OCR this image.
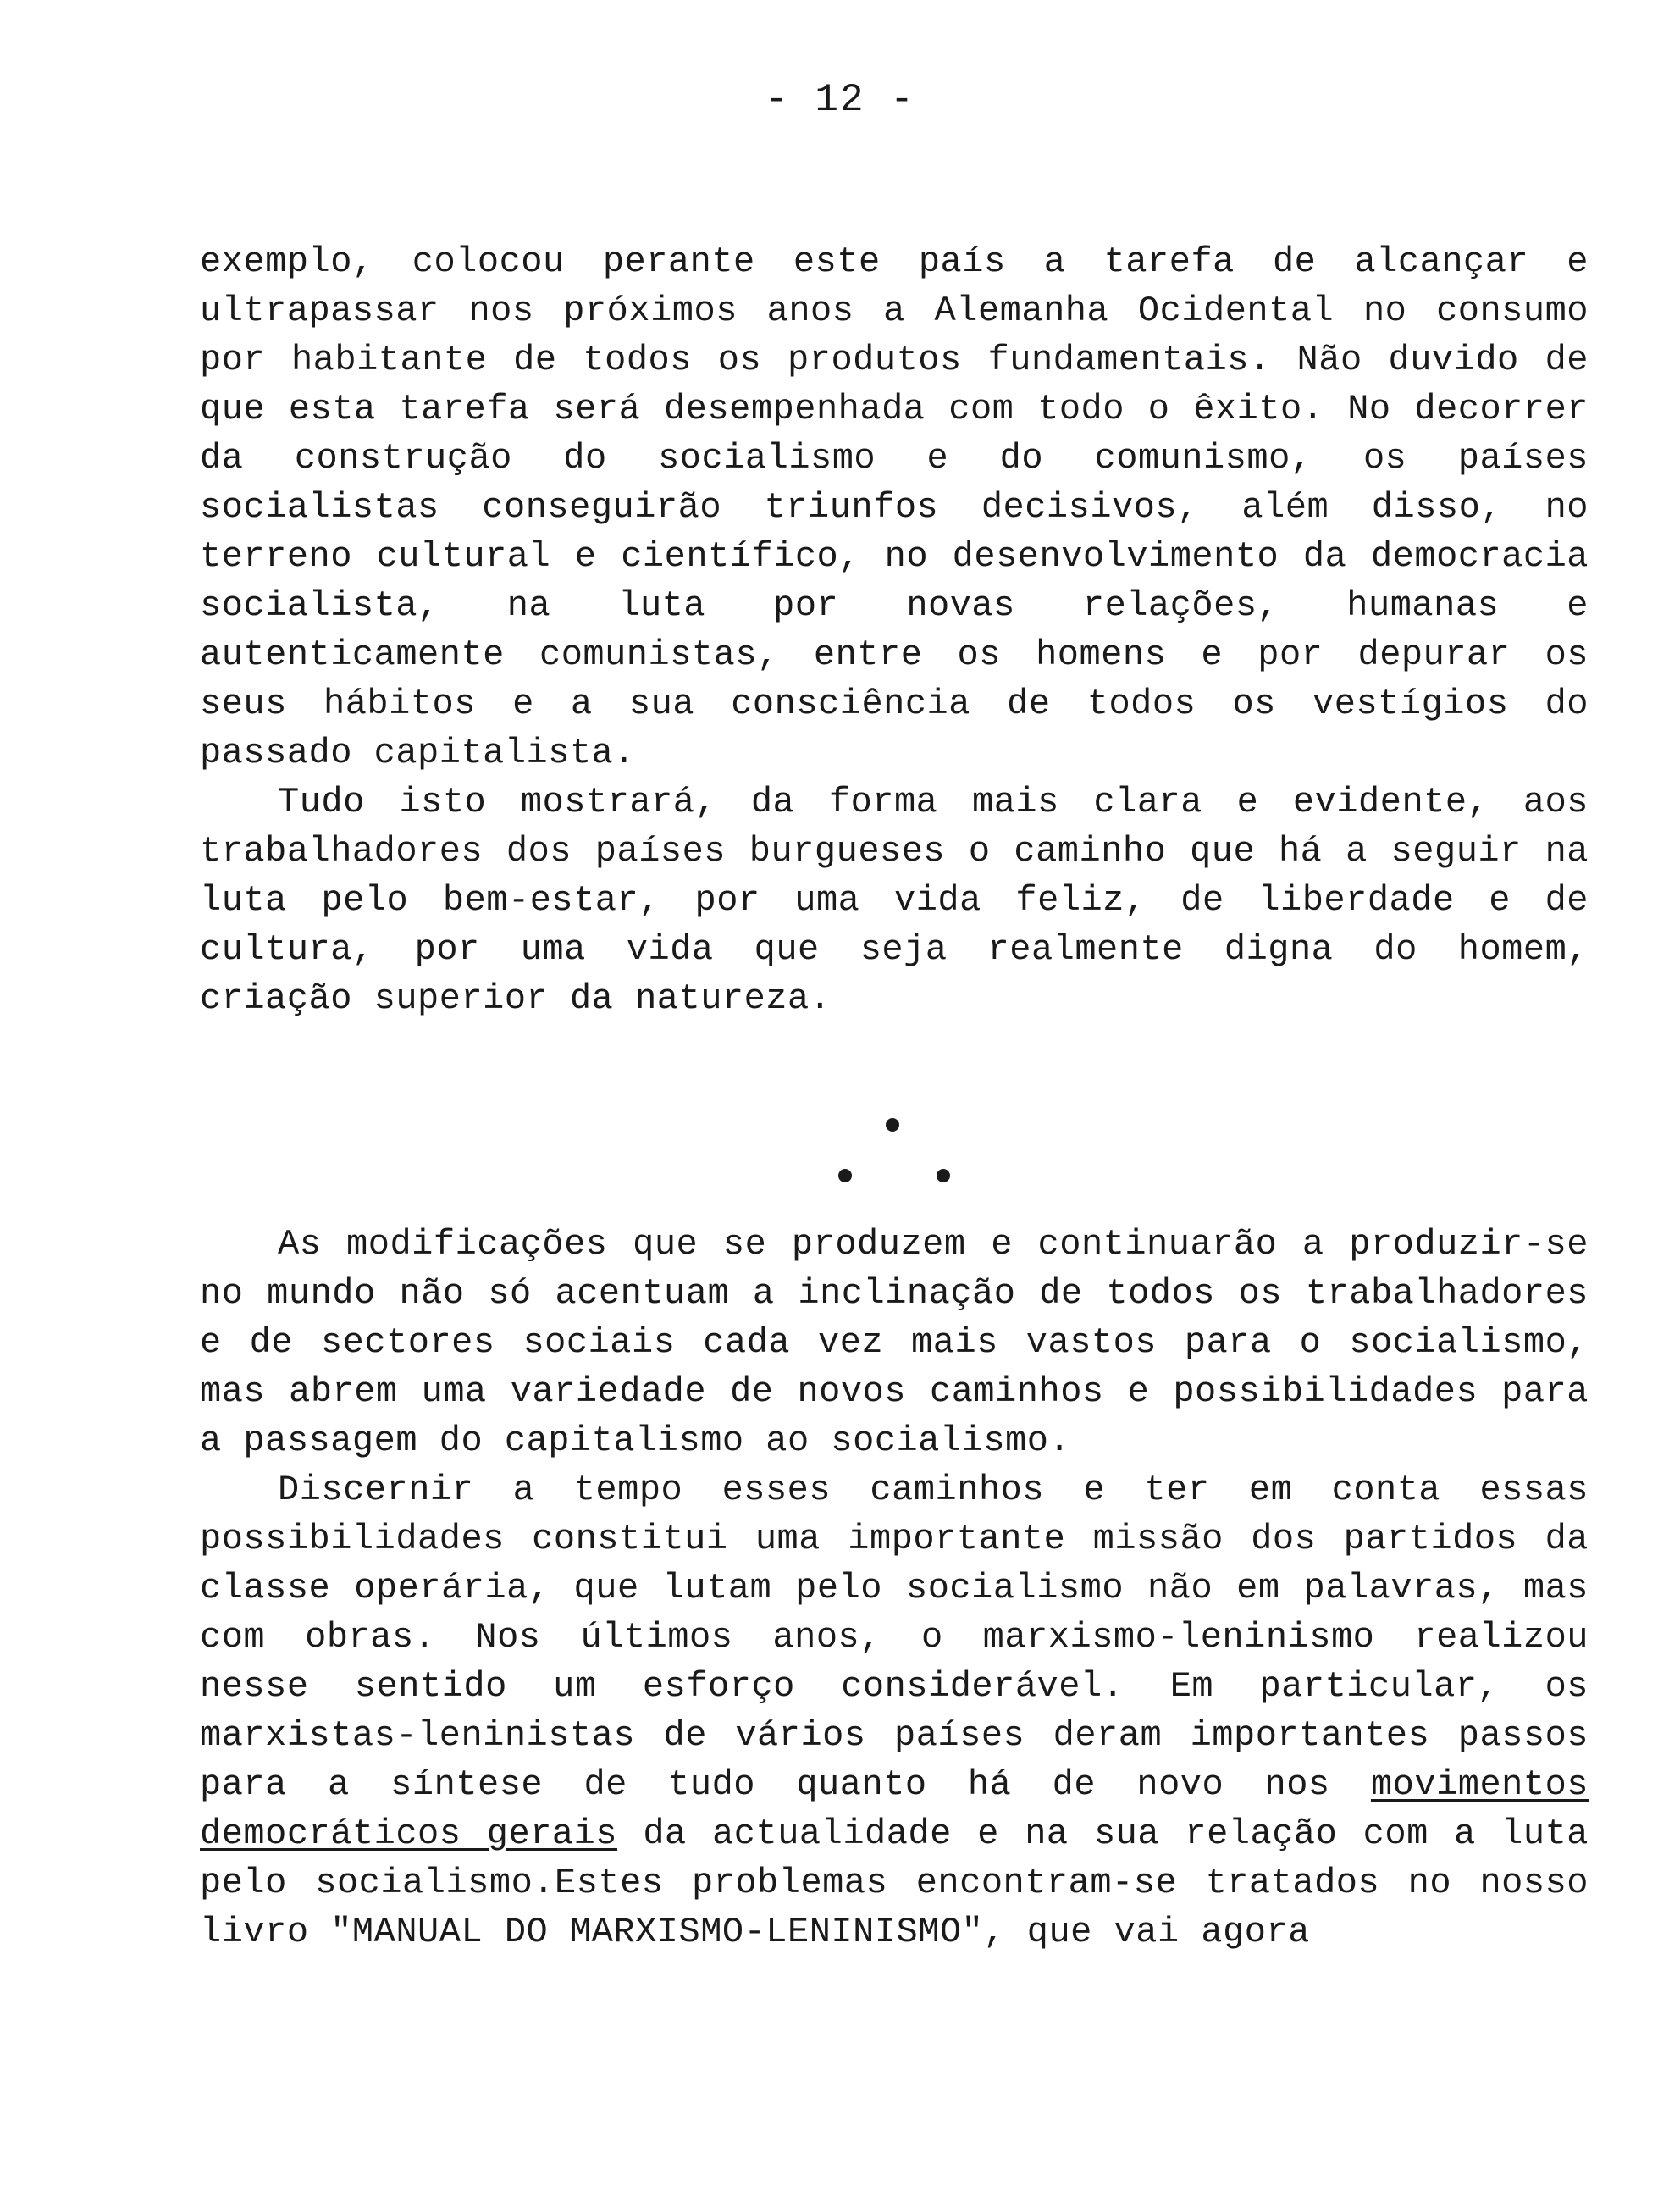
- 12 -

exemplo, colocou perante este país a tarefa de alcançar e ultrapassar nos próximos anos a Alemanha Ocidental no consumo por habitante de todos os produtos fundamentais. Não duvido de que esta tarefa será desempenhada com todo o êxito. No decorrer da construção do socialismo e do comunismo, os países socialistas conseguirão triunfos decisivos, além disso, no terreno cultural e científico, no desenvolvimento da democracia socialista, na luta por novas relações, humanas e autenticamente comunistas, entre os homens e por depurar os seus hábitos e a sua consciência de todos os vestígios do passado capitalista.

Tudo isto mostrará, da forma mais clara e evidente, aos trabalhadores dos países burgueses o caminho que há a seguir na luta pelo bem-estar, por uma vida feliz, de liberdade e de cultura, por uma vida que seja realmente digna do homem, criação superior da natureza.

As modificações que se produzem e continuarão a produzir-se no mundo não só acentuam a inclinação de todos os trabalhadores e de sectores sociais cada vez mais vastos para o socialismo, mas abrem uma variedade de novos caminhos e possibilidades para a passagem do capitalismo ao socialismo.

Discernir a tempo esses caminhos e ter em conta essas possibilidades constitui uma importante missão dos partidos da classe operária, que lutam pelo socialismo não em palavras, mas com obras. Nos últimos anos, o marxismo-leninismo realizou nesse sentido um esforço considerável. Em particular, os marxistas-leninistas de vários países deram importantes passos para a síntese de tudo quanto há de novo nos movimentos democráticos gerais da actualidade e na sua relação com a luta pelo socialismo.Estes problemas encontram-se tratados no nosso livro "MANUAL DO MARXISMO-LENINISMO", que vai agora
